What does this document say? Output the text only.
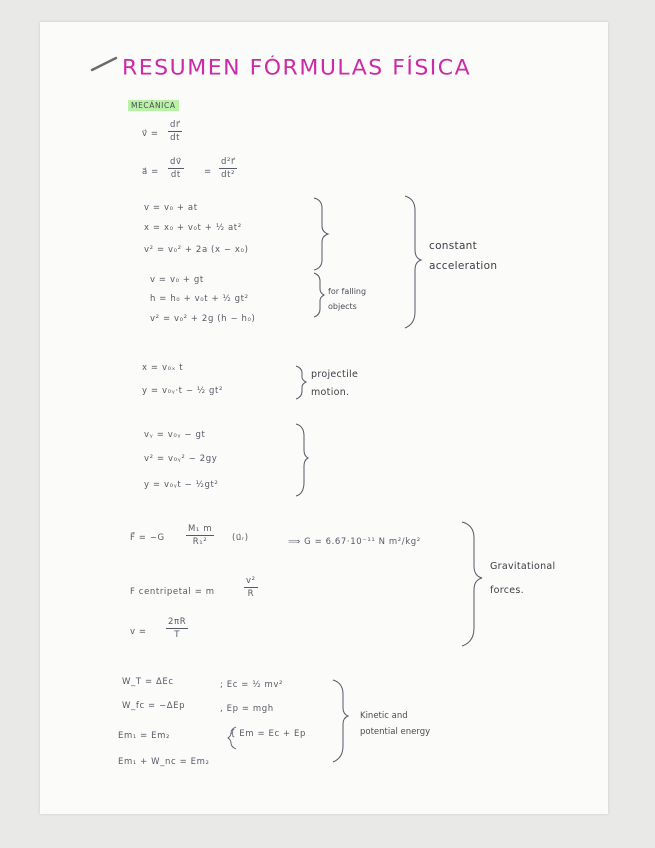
RESUMEN FÓRMULAS FÍSICA
MECÁNICA
v⃗ = $\frac{dr⃗}{dt}$
a⃗ = $\frac{dv⃗}{dt} = \frac{\text{d²r⃗}}{\text{dt²}}$
v = v₀ + at
x = x₀ + v₀t + ½ at²
v² = v₀² + 2a (x − x₀)
v = v₀ + gt
h = h₀ + v₀t + ½ gt²
v² = v₀² + 2g (h − h₀)
for falling
objects
constant
acceleration
x = v₀ₓ t
y = v₀ᵧ·t − ½ gt²
projectile
motion.
vᵧ = v₀ᵧ − gt
v² = v₀ᵧ² − 2gy
y = v₀ᵧt − ½gt²
F⃗ = −G	$\frac{\text{M₁ m}}{\text{R₁²}}$ (u⃗ᵣ)	⟹ G = 6.67·10⁻¹¹ N m²/kg²
F centripetal = m	$\frac{\text{v²}}{R}$
$v = \frac{2\pi R}{T}$
Gravitational
forces.
W_T = ΔEc	; Ec = ½ mv²
W_fc = −ΔEp	, Ep = mgh
Em₁ = Em₂	{ Em = Ec + Ep
Em₁ + W_nc = Em₂
Kinetic and
potential energy
